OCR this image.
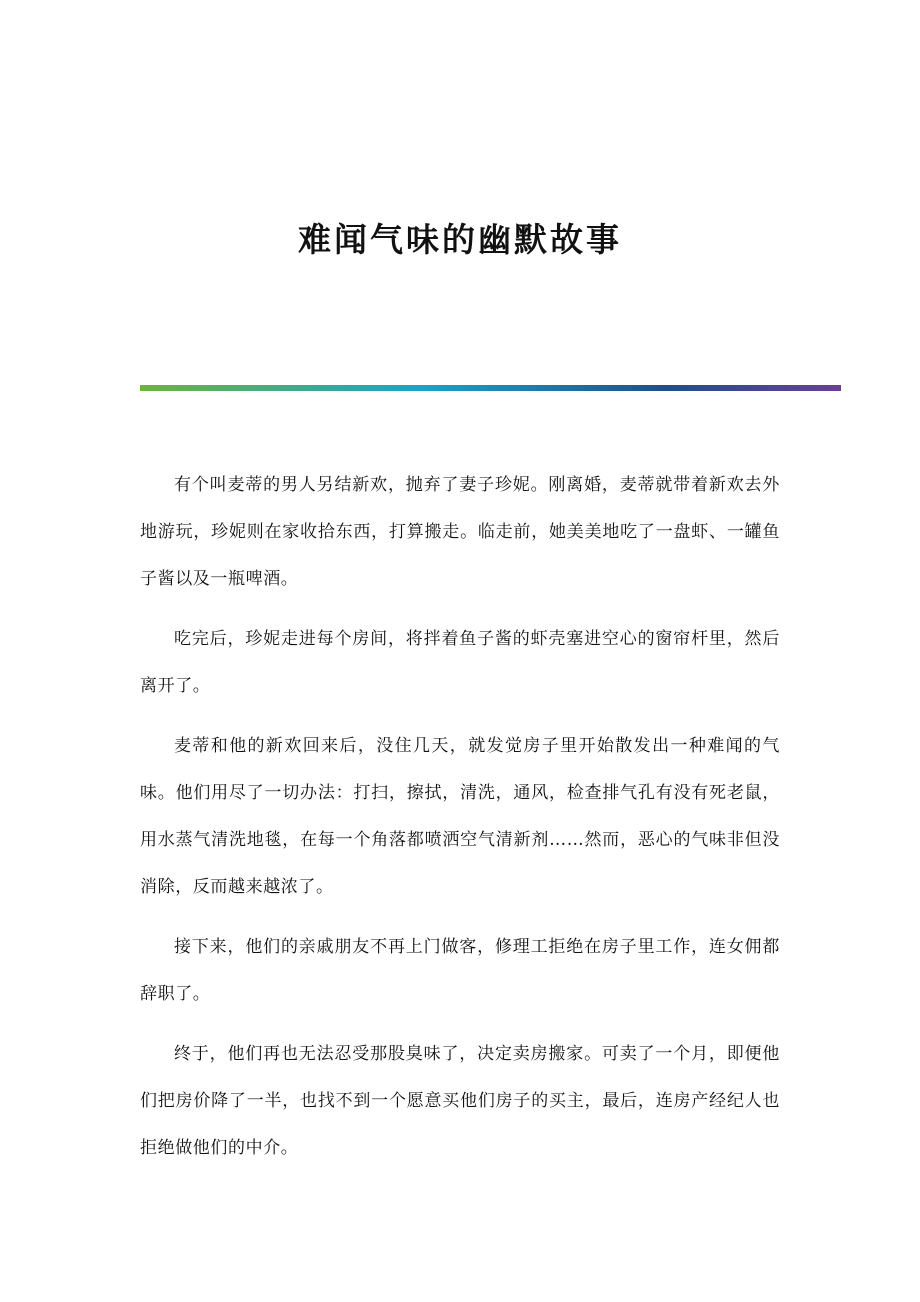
难闻气味的幽默故事

有个叫麦蒂的男人另结新欢，抛弃了妻子珍妮。刚离婚，麦蒂就带着新欢去外地游玩，珍妮则在家收拾东西，打算搬走。临走前，她美美地吃了一盘虾、一罐鱼子酱以及一瓶啤酒。

吃完后，珍妮走进每个房间，将拌着鱼子酱的虾壳塞进空心的窗帘杆里，然后离开了。

麦蒂和他的新欢回来后，没住几天，就发觉房子里开始散发出一种难闻的气味。他们用尽了一切办法：打扫，擦拭，清洗，通风，检查排气孔有没有死老鼠，用水蒸气清洗地毯，在每一个角落都喷洒空气清新剂……然而，恶心的气味非但没消除，反而越来越浓了。

接下来，他们的亲戚朋友不再上门做客，修理工拒绝在房子里工作，连女佣都辞职了。

终于，他们再也无法忍受那股臭味了，决定卖房搬家。可卖了一个月，即便他们把房价降了一半，也找不到一个愿意买他们房子的买主，最后，连房产经纪人也拒绝做他们的中介。
